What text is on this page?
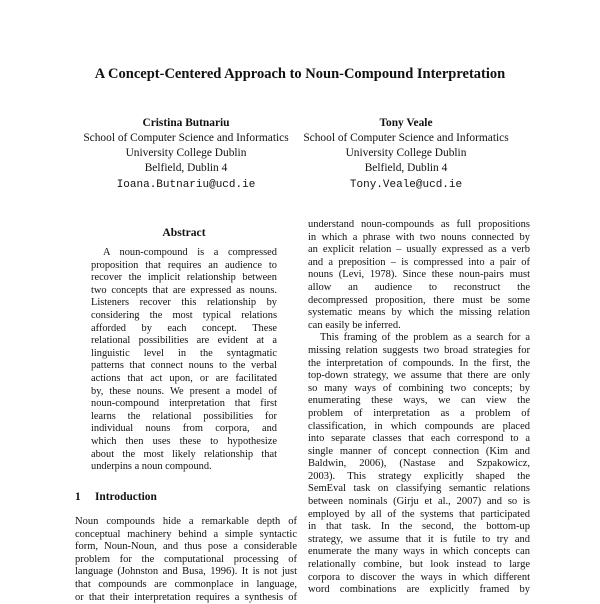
A Concept-Centered Approach to Noun-Compound Interpretation
Cristina Butnariu
School of Computer Science and Informatics
University College Dublin
Belfield, Dublin 4
Ioana.Butnariu@ucd.ie
Tony Veale
School of Computer Science and Informatics
University College Dublin
Belfield, Dublin 4
Tony.Veale@ucd.ie
Abstract
A noun-compound is a compressed
proposition that requires an audience to
recover the implicit relationship between
two concepts that are expressed as nouns.
Listeners recover this relationship by
considering the most typical relations
afforded by each concept. These
relational possibilities are evident at a
linguistic level in the syntagmatic
patterns that connect nouns to the verbal
actions that act upon, or are facilitated
by, these nouns. We present a model of
noun-compound interpretation that first
learns the relational possibilities for
individual nouns from corpora, and
which then uses these to hypothesize
about the most likely relationship that
underpins a noun compound.
1 Introduction
Noun compounds hide a remarkable depth of
conceptual machinery behind a simple syntactic
form, Noun-Noun, and thus pose a considerable
problem for the computational processing of
language (Johnston and Busa, 1996). It is not just
that compounds are commonplace in language,
or that their interpretation requires a synthesis of
understand noun-compounds as full propositions
in which a phrase with two nouns connected by
an explicit relation – usually expressed as a verb
and a preposition – is compressed into a pair of
nouns (Levi, 1978). Since these noun-pairs must
allow an audience to reconstruct the
decompressed proposition, there must be some
systematic means by which the missing relation
can easily be inferred.
This framing of the problem as a search for a
missing relation suggests two broad strategies for
the interpretation of compounds. In the first, the
top-down strategy, we assume that there are only
so many ways of combining two concepts; by
enumerating these ways, we can view the
problem of interpretation as a problem of
classification, in which compounds are placed
into separate classes that each correspond to a
single manner of concept connection (Kim and
Baldwin, 2006), (Nastase and Szpakowicz,
2003). This strategy explicitly shaped the
SemEval task on classifying semantic relations
between nominals (Girju et al., 2007) and so is
employed by all of the systems that participated
in that task. In the second, the bottom-up
strategy, we assume that it is futile to try and
enumerate the many ways in which concepts can
relationally combine, but look instead to large
corpora to discover the ways in which different
word combinations are explicitly framed by
